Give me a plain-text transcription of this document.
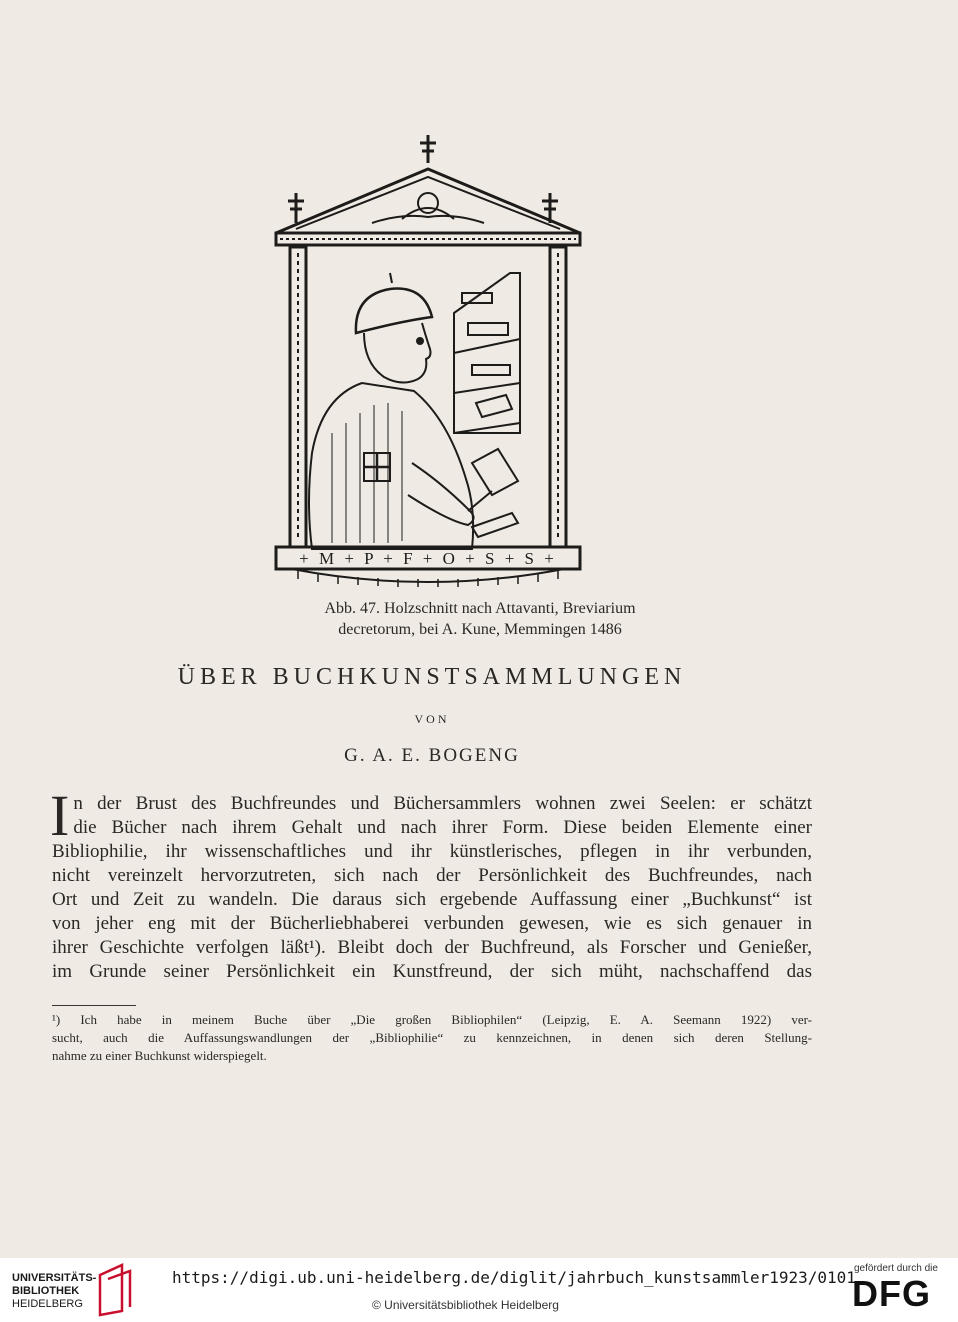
+ M + P + F + O + S + S +
Abb. 47. Holzschnitt nach Attavanti, Breviarium
decretorum, bei A. Kune, Memmingen 1486
ÜBER BUCHKUNSTSAMMLUNGEN
VON
G. A. E. BOGENG
I n der Brust des Buchfreundes und Büchersammlers wohnen zwei Seelen: er schätzt
die Bücher nach ihrem Gehalt und nach ihrer Form. Diese beiden Elemente einer
Bibliophilie, ihr wissenschaftliches und ihr künstlerisches, pflegen in ihr verbunden,
nicht vereinzelt hervorzutreten, sich nach der Persönlichkeit des Buchfreundes, nach
Ort und Zeit zu wandeln. Die daraus sich ergebende Auffassung einer „Buchkunst“ ist
von jeher eng mit der Bücherliebhaberei verbunden gewesen, wie es sich genauer in
ihrer Geschichte verfolgen läßt¹). Bleibt doch der Buchfreund, als Forscher und Genießer,
im Grunde seiner Persönlichkeit ein Kunstfreund, der sich müht, nachschaffend das
¹) Ich habe in meinem Buche über „Die großen Bibliophilen“ (Leipzig, E. A. Seemann 1922) ver-
sucht, auch die Auffassungswandlungen der „Bibliophilie“ zu kennzeichnen, in denen sich deren Stellung-
nahme zu einer Buchkunst widerspiegelt.
UNIVERSITÄTS-
BIBLIOTHEK
HEIDELBERG
https://digi.ub.uni-heidelberg.de/diglit/jahrbuch_kunstsammler1923/0101
© Universitätsbibliothek Heidelberg
gefördert durch die
DFG
